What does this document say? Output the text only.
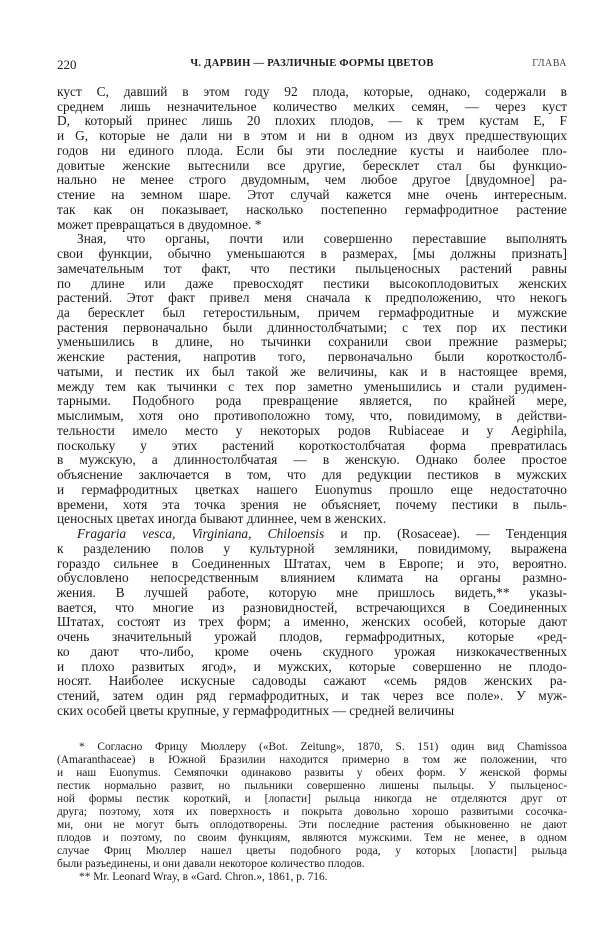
220	Ч. ДАРВИН — РАЗЛИЧНЫЕ ФОРМЫ ЦВЕТОВ	ГЛАВА
куст C, давший в этом году 92 плода, которые, однако, содержали в
среднем лишь незначительное количество мелких семян, — через куст
D, который принес лишь 20 плохих плодов, — к трем кустам E, F
и G, которые не дали ни в этом и ни в одном из двух предшествующих
годов ни единого плода. Если бы эти последние кусты и наиболее пло-
довитые женские вытеснили все другие, бересклет стал бы функцио-
нально не менее строго двудомным, чем любое другое [двудомное] ра-
стение на земном шаре. Этот случай кажется мне очень интересным.
так как он показывает, насколько постепенно гермафродитное растение
может превращаться в двудомное. *
Зная, что органы, почти или совершенно переставшие выполнять
свои функции, обычно уменьшаются в размерах, [мы должны признать]
замечательным тот факт, что пестики пыльценосных растений равны
по длине или даже превосходят пестики высокоплодовитых женских
растений. Этот факт привел меня сначала к предположению, что некогь
да бересклет был гетеростильным, причем гермафродитные и мужские
растения первоначально были длинностолбчатыми; с тех пор их пестики
уменьшились в длине, но тычинки сохранили свои прежние размеры;
женские растения, напротив того, первоначально были короткостолб-
чатыми, и пестик их был такой же величины, как и в настоящее время,
между тем как тычинки с тех пор заметно уменьшились и стали рудимен-
тарными. Подобного рода превращение является, по крайней мере,
мыслимым, хотя оно противоположно тому, что, повидимому, в действи-
тельности имело место у некоторых родов Rubiaceae и у Aegiphila,
поскольку у этих растений короткостолбчатая форма превратилась
в мужскую, а длинностолбчатая — в женскую. Однако более простое
объяснение заключается в том, что для редукции пестиков в мужских
и гермафродитных цветках нашего Euonymus прошло еще недостаточно
времени, хотя эта точка зрения не объясняет, почему пестики в пыль-
ценосных цветах иногда бывают длиннее, чем в женских.
Fragaria vesca, Virginiana, Chiloensis и пр. (Rosaceae). — Тенденция
к разделению полов у культурной земляники, повидимому, выражена
гораздо сильнее в Соединенных Штатах, чем в Европе; и это, вероятно.
обусловлено непосредственным влиянием климата на органы размно-
жения. В лучшей работе, которую мне пришлось видеть,** указы-
вается, что многие из разновидностей, встречающихся в Соединенных
Штатах, состоят из трех форм; а именно, женских особей, которые дают
очень значительный урожай плодов, гермафродитных, которые «ред-
ко дают что-либо, кроме очень скудного урожая низкокачественных
и плохо развитых ягод», и мужских, которые совершенно не плодо-
носят. Наиболее искусные садоводы сажают «семь рядов женских ра-
стений, затем один ряд гермафродитных, и так через все поле». У муж-
ских особей цветы крупные, у гермафродитных — средней величины
* Согласно Фрицу Мюллеру («Bot. Zeitung», 1870, S. 151) один вид Chamissoa
(Amaranthaceae) в Южной Бразилии находится примерно в том же положении, что
и наш Euonymus. Семяпочки одинаково развиты у обеих форм. У женской формы
пестик нормально развит, но пыльники совершенно лишены пыльцы. У пыльценос-
ной формы пестик короткий, и [лопасти] рыльца никогда не отделяются друг от
друга; поэтому, хотя их поверхность и покрыта довольно хорошо развитыми сосочка-
ми, они не могут быть оплодотворены. Эти последние растения обыкновенно не дают
плодов и поэтому, по своим функциям, являются мужскими. Тем не менее, в одном
случае Фриц Мюллер нашел цветы подобного рода, у которых [лопасти] рыльца
были разъединены, и они давали некоторое количество плодов.
** Mr. Leonard Wray, в «Gard. Chron.», 1861, p. 716.
